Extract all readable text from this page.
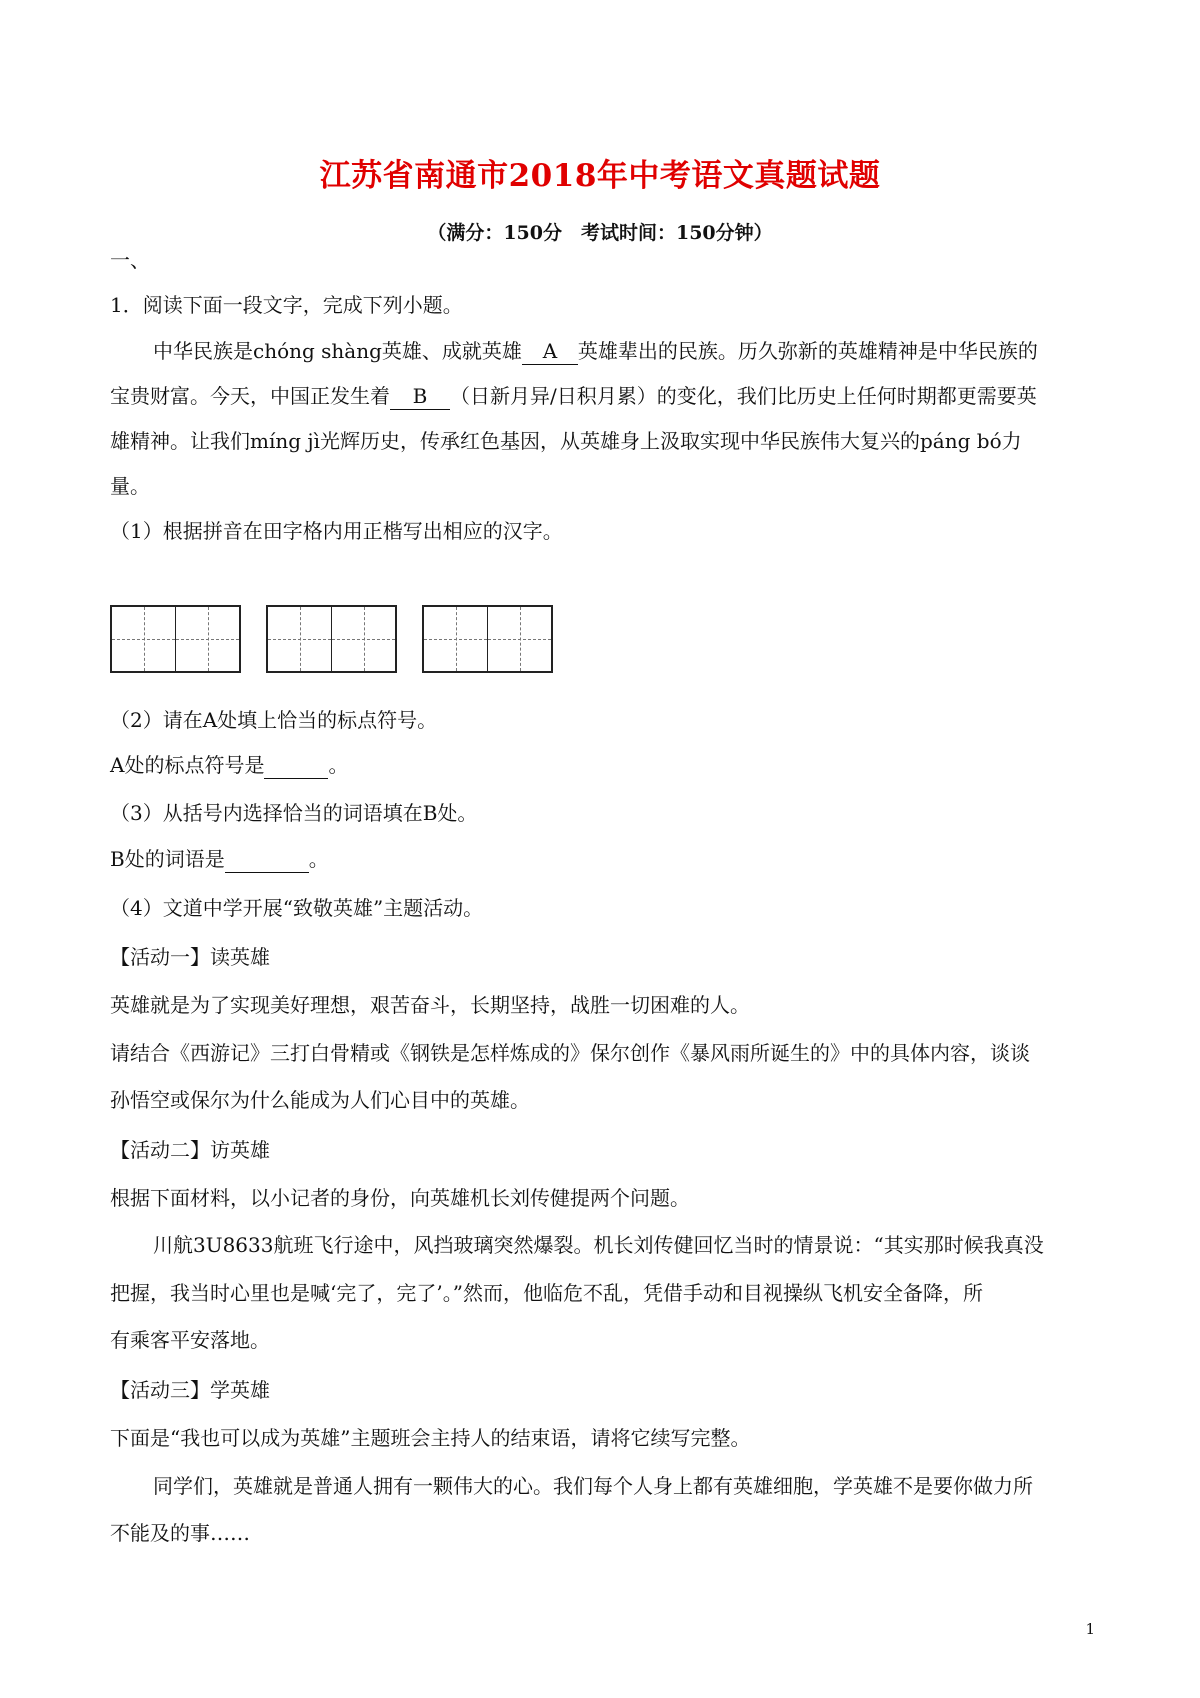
江苏省南通市2018年中考语文真题试题
（满分：150分　考试时间：150分钟）
一、
1．阅读下面一段文字，完成下列小题。
中华民族是chóng shàng英雄、成就英雄 A 英雄辈出的民族。历久弥新的英雄精神是中华民族的
宝贵财富。今天，中国正发生着 B （日新月异/日积月累）的变化，我们比历史上任何时期都更需要英
雄精神。让我们míng jì光辉历史，传承红色基因，从英雄身上汲取实现中华民族伟大复兴的páng bó力
量。
（1）根据拼音在田字格内用正楷写出相应的汉字。
（2）请在A处填上恰当的标点符号。
A处的标点符号是	。
（3）从括号内选择恰当的词语填在B处。
B处的词语是	。
（4）文道中学开展“致敬英雄”主题活动。
【活动一】读英雄
英雄就是为了实现美好理想，艰苦奋斗，长期坚持，战胜一切困难的人。
请结合《西游记》三打白骨精或《钢铁是怎样炼成的》保尔创作《暴风雨所诞生的》中的具体内容，谈谈
孙悟空或保尔为什么能成为人们心目中的英雄。
【活动二】访英雄
根据下面材料，以小记者的身份，向英雄机长刘传健提两个问题。
川航3U8633航班飞行途中，风挡玻璃突然爆裂。机长刘传健回忆当时的情景说：“其实那时候我真没
把握，我当时心里也是喊‘完了，完了’。”然而，他临危不乱，凭借手动和目视操纵飞机安全备降，所
有乘客平安落地。
【活动三】学英雄
下面是“我也可以成为英雄”主题班会主持人的结束语，请将它续写完整。
同学们，英雄就是普通人拥有一颗伟大的心。我们每个人身上都有英雄细胞，学英雄不是要你做力所
不能及的事……
1
